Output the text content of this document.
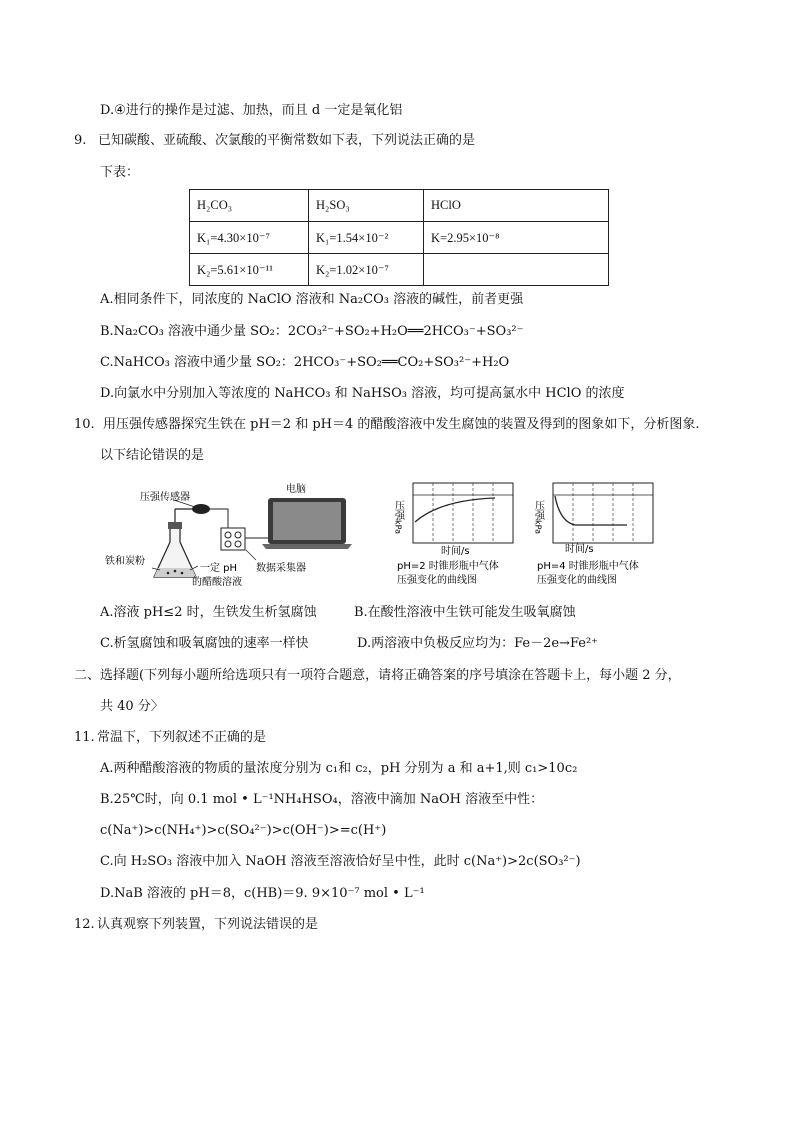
D.④进行的操作是过滤、加热，而且 d 一定是氧化铝
9. 已知碳酸、亚硫酸、次氯酸的平衡常数如下表，下列说法正确的是
下表：
H₂CO₃	H₂SO₃	HClO
K₁=4.30×10⁻⁷	K₁=1.54×10⁻²	K=2.95×10⁻⁸
K₂=5.61×10⁻¹¹	K₂=1.02×10⁻⁷	
A.相同条件下，同浓度的 NaClO 溶液和 Na₂CO₃ 溶液的碱性，前者更强
B.Na₂CO₃ 溶液中通少量 SO₂：2CO₃²⁻+SO₂+H₂O══2HCO₃⁻+SO₃²⁻
C.NaHCO₃ 溶液中通少量 SO₂：2HCO₃⁻+SO₂══CO₂+SO₃²⁻+H₂O
D.向氯水中分别加入等浓度的 NaHCO₃ 和 NaHSO₃ 溶液，均可提高氯水中 HClO 的浓度
10. 用压强传感器探究生铁在 pH＝2 和 pH＝4 的醋酸溶液中发生腐蚀的装置及得到的图象如下，分析图象.
以下结论错误的是
压强传感器
电脑
铁和炭粉
一定 pH
的醋酸溶液
数据采集器
压强
kPa
时间/s
pH=2 时锥形瓶中气体
压强变化的曲线图
压强
kPa
时间/s
pH=4 时锥形瓶中气体
压强变化的曲线图
A.溶液 pH≤2 时，生铁发生析氢腐蚀	B.在酸性溶液中生铁可能发生吸氧腐蚀
C.析氢腐蚀和吸氧腐蚀的速率一样快	D.两溶液中负极反应均为：Fe－2e→Fe²⁺
二、选择题(下列每小题所给选项只有一项符合题意，请将正确答案的序号填涂在答题卡上，每小题 2 分，
共 40 分〉
11. 常温下，下列叙述不正确的是
A.两种醋酸溶液的物质的量浓度分别为 c₁和 c₂，pH 分别为 a 和 a+1,则 c₁>10c₂
B.25℃时，向 0.1 mol • L⁻¹NH₄HSO₄，溶液中滴加 NaOH 溶液至中性：
c(Na⁺)>c(NH₄⁺)>c(SO₄²⁻)>c(OH⁻)>=c(H⁺)
C.向 H₂SO₃ 溶液中加入 NaOH 溶液至溶液恰好呈中性，此时 c(Na⁺)>2c(SO₃²⁻)
D.NaB 溶液的 pH＝8，c(HB)＝9. 9×10⁻⁷ mol • L⁻¹
12. 认真观察下列装置，下列说法错误的是
